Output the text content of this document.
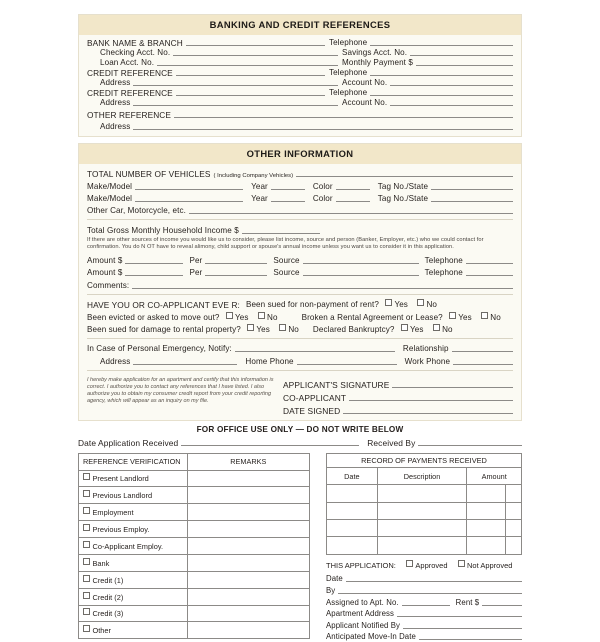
BANKING AND CREDIT REFERENCES
BANK NAME & BRANCH	Telephone
Checking Acct. No.	Savings Acct. No.
Loan Acct. No.	Monthly Payment $
CREDIT REFERENCE	Telephone
Address	Account No.
CREDIT REFERENCE	Telephone
Address	Account No.
OTHER REFERENCE
Address
OTHER INFORMATION
TOTAL NUMBER OF VEHICLES ( Including Company Vehicles)
Make/Model	Year	Color	Tag No./State
Make/Model	Year	Color	Tag No./State
Other Car, Motorcycle, etc.
Total Gross Monthly Household Income $
If there are other sources of income you would like us to consider, please list income, source and person (Banker, Employer, etc.) who we could contact for confirmation. You do N OT have to reveal alimony, child support or spouse's annual income unless you want us to consider it in this application.
Amount $	Per	Source	Telephone
Amount $	Per	Source	Telephone
Comments:
HAVE YOU OR CO-APPLICANT EVE R: Been sued for non-payment of rent?	Yes	No
Been evicted or asked to move out?	Yes	No	Broken a Rental Agreement or Lease?	Yes	No
Been sued for damage to rental property?	Yes	No Declared Bankruptcy?	Yes	No
In Case of Personal Emergency, Notify:	Relationship
Address	Home Phone	Work Phone
I hereby make application for an apartment and certify that this information is correct. I authorize you to contact any references that I have listed. I also authorize you to obtain my consumer credit report from your credit reporting agency, which will appear as an inquiry on my file.
APPLICANT'S SIGNATURE
CO-APPLICANT
DATE SIGNED
FOR OFFICE USE ONLY — DO NOT WRITE BELOW
Date Application Received	Received By
REFERENCE VERIFICATION	REMARKS
Present Landlord	
Previous Landlord	
Employment	
Previous Employ.	
Co-Applicant Employ.	
Bank	
Credit (1)	
Credit (2)	
Credit (3)	
Other	
RECORD OF PAYMENTS RECEIVED
Date	Description	Amount	

THIS APPLICATION:	Approved	Not Approved
Date
By
Assigned to Apt. No.	Rent $
Apartment Address
Applicant Notified By
Anticipated Move-In Date
